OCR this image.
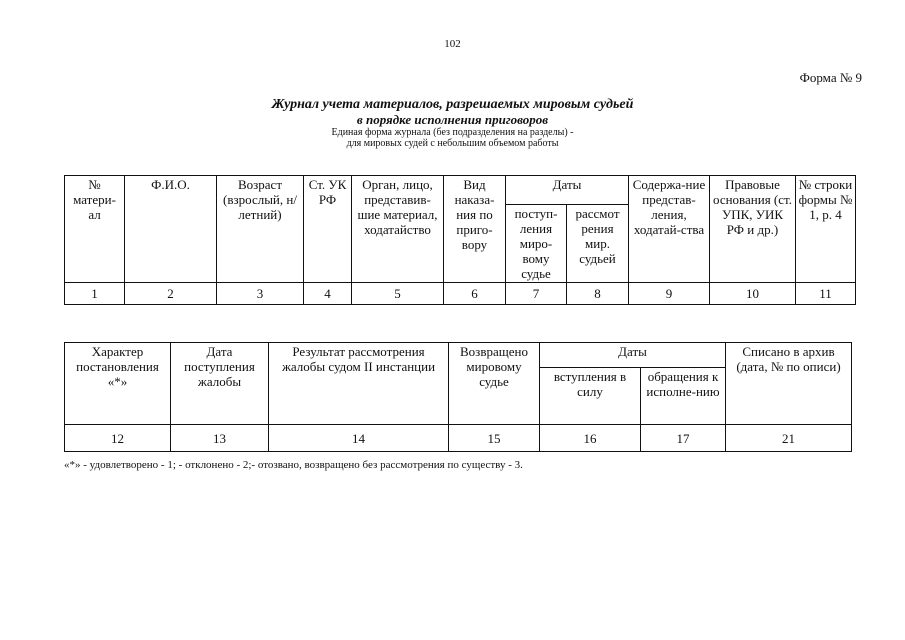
102
Форма № 9
Журнал учета материалов, разрешаемых мировым судьей
в порядке исполнения приговоров
Единая форма журнала (без подразделения на разделы) -
для мировых судей с небольшим объемом работы
№ матери-ал	Ф.И.О.	Возраст (взрослый, н/летний)	Ст. УК РФ	Орган, лицо, представив-шие материал, ходатайство	Вид наказа-ния по приго-вору	Даты		Содержа-ние представ-ления, ходатай-ства	Правовые основания (ст. УПК, УИК РФ и др.)	№ строки формы № 1, р. 4
						поступ-ления миро-вому судье	рассмот рения мир. судьей			
1	2	3	4	5	6	7	8	9	10	11
Характер постановления «*»	Дата поступления жалобы	Результат рассмотрения жалобы судом II инстанции	Возвращено мировому судье	Даты		Списано в архив (дата, № по описи)
				вступления в силу	обращения к исполне-нию	
12	13	14	15	16	17	21
«*» - удовлетворено - 1; - отклонено - 2;- отозвано, возвращено без рассмотрения по существу - 3.
